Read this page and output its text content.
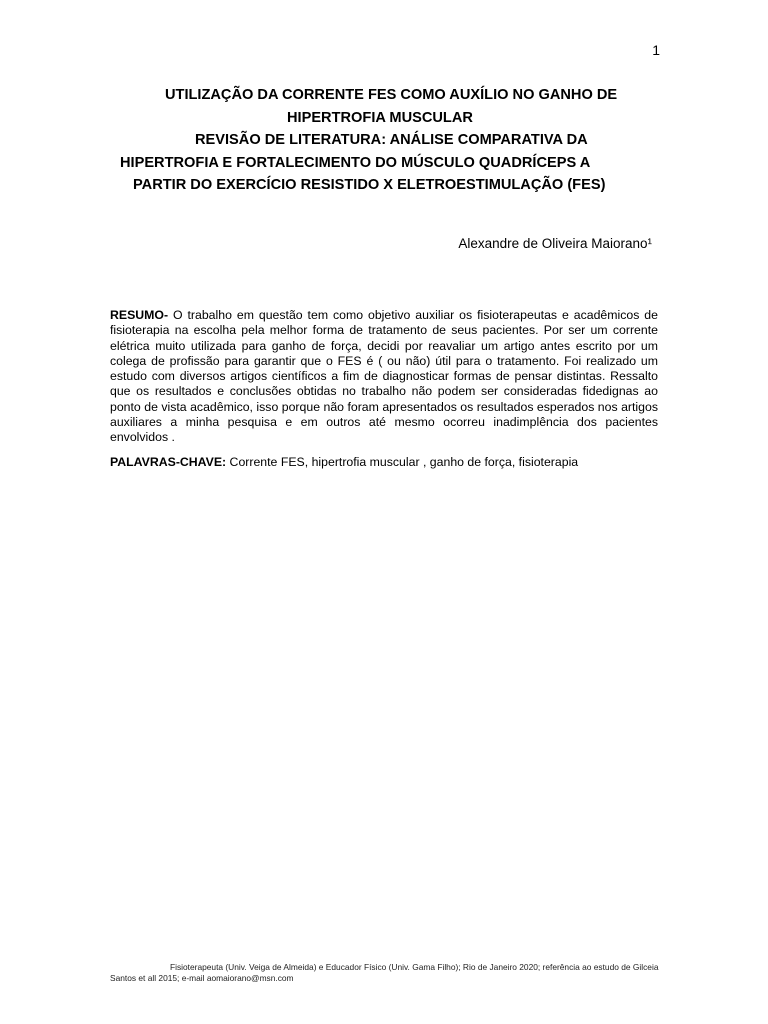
1
UTILIZAÇÃO DA CORRENTE FES COMO AUXÍLIO NO GANHO DE
HIPERTROFIA MUSCULAR
REVISÃO DE LITERATURA: ANÁLISE COMPARATIVA DA
HIPERTROFIA E FORTALECIMENTO DO MÚSCULO QUADRÍCEPS A
PARTIR DO EXERCÍCIO RESISTIDO X ELETROESTIMULAÇÃO (FES)
Alexandre de Oliveira Maiorano¹

RESUMO- O trabalho em questão tem como objetivo auxiliar os fisioterapeutas e acadêmicos de fisioterapia na escolha pela melhor forma de tratamento de seus pacientes. Por ser um corrente elétrica muito utilizada para ganho de força, decidi por reavaliar um artigo antes escrito por um colega de profissão para garantir que o FES é ( ou não) útil para o tratamento. Foi realizado um estudo com diversos artigos científicos a fim de diagnosticar formas de pensar distintas. Ressalto que os resultados e conclusões obtidas no trabalho não podem ser consideradas fidedignas ao ponto de vista acadêmico, isso porque não foram apresentados os resultados esperados nos artigos auxiliares a minha pesquisa e em outros até mesmo ocorreu inadimplência dos pacientes envolvidos .

PALAVRAS-CHAVE: Corrente FES, hipertrofia muscular , ganho de força, fisioterapia

Fisioterapeuta (Univ. Veiga de Almeida) e Educador Físico (Univ. Gama Filho); Rio de Janeiro 2020; referência ao estudo de Gilceia Santos et all 2015; e-mail aomaiorano@msn.com
